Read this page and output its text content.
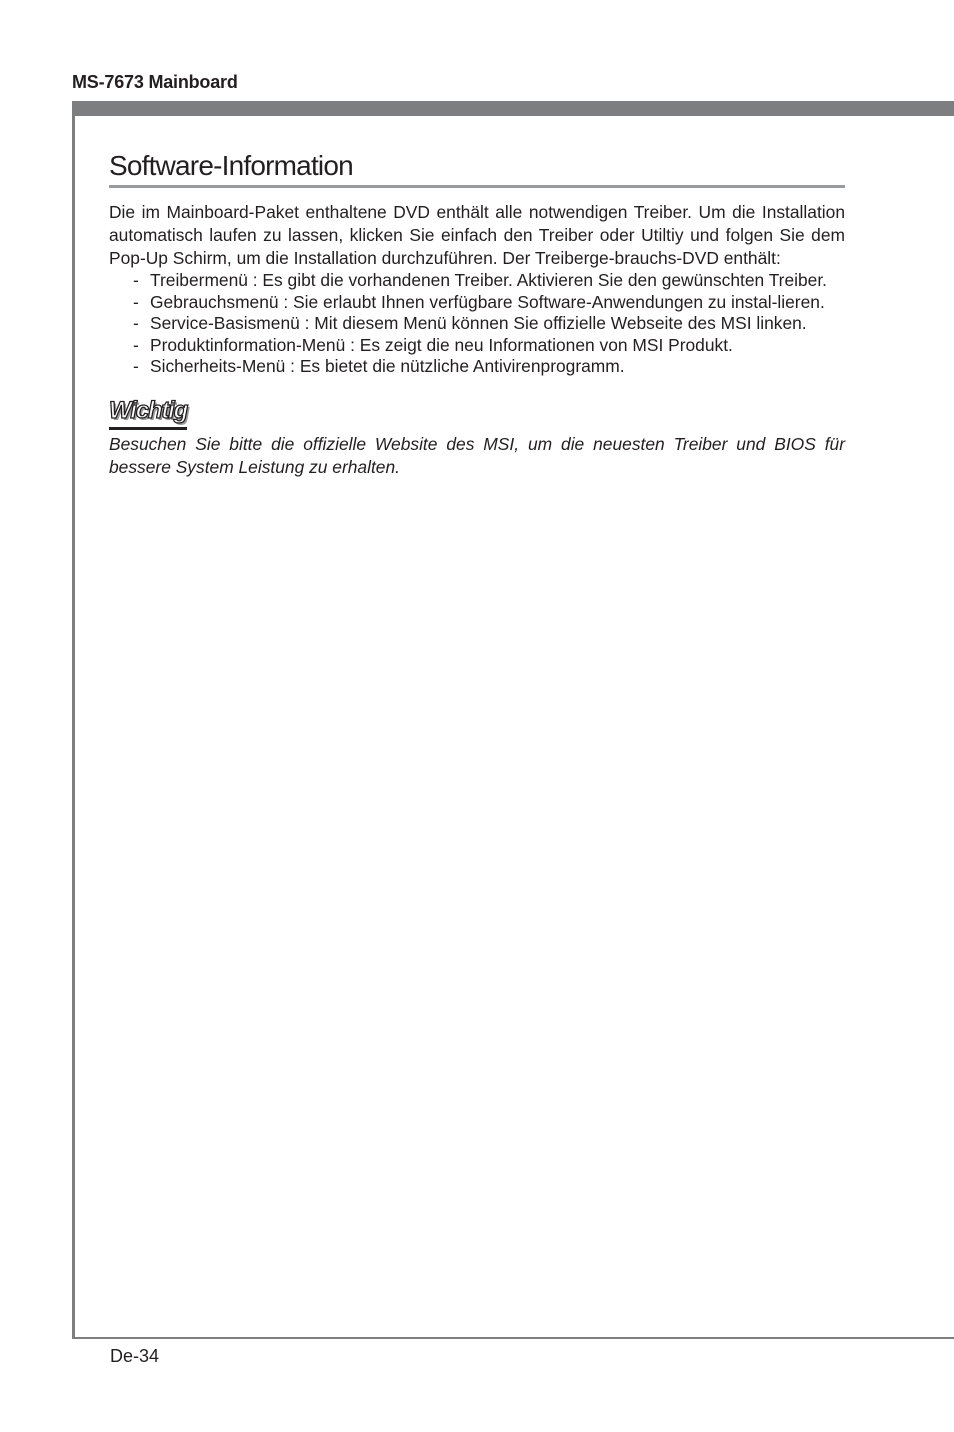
MS-7673 Mainboard
Software-Information

Die im Mainboard-Paket enthaltene DVD enthält alle notwendigen Treiber. Um die Installation automatisch laufen zu lassen, klicken Sie einfach den Treiber oder Utiltiy und folgen Sie dem Pop-Up Schirm, um die Installation durchzuführen. Der Treiberge-brauchs-DVD enthält:

- Treibermenü : Es gibt die vorhandenen Treiber. Aktivieren Sie den gewünschten Treiber.
- Gebrauchsmenü : Sie erlaubt Ihnen verfügbare Software-Anwendungen zu instal-lieren.
- Service-Basismenü : Mit diesem Menü können Sie offizielle Webseite des MSI linken.
- Produktinformation-Menü : Es zeigt die neu Informationen von MSI Produkt.
- Sicherheits-Menü : Es bietet die nützliche Antivirenprogramm.
Wichtig

Besuchen Sie bitte die offizielle Website des MSI, um die neuesten Treiber und BIOS für bessere System Leistung zu erhalten.

De-34
